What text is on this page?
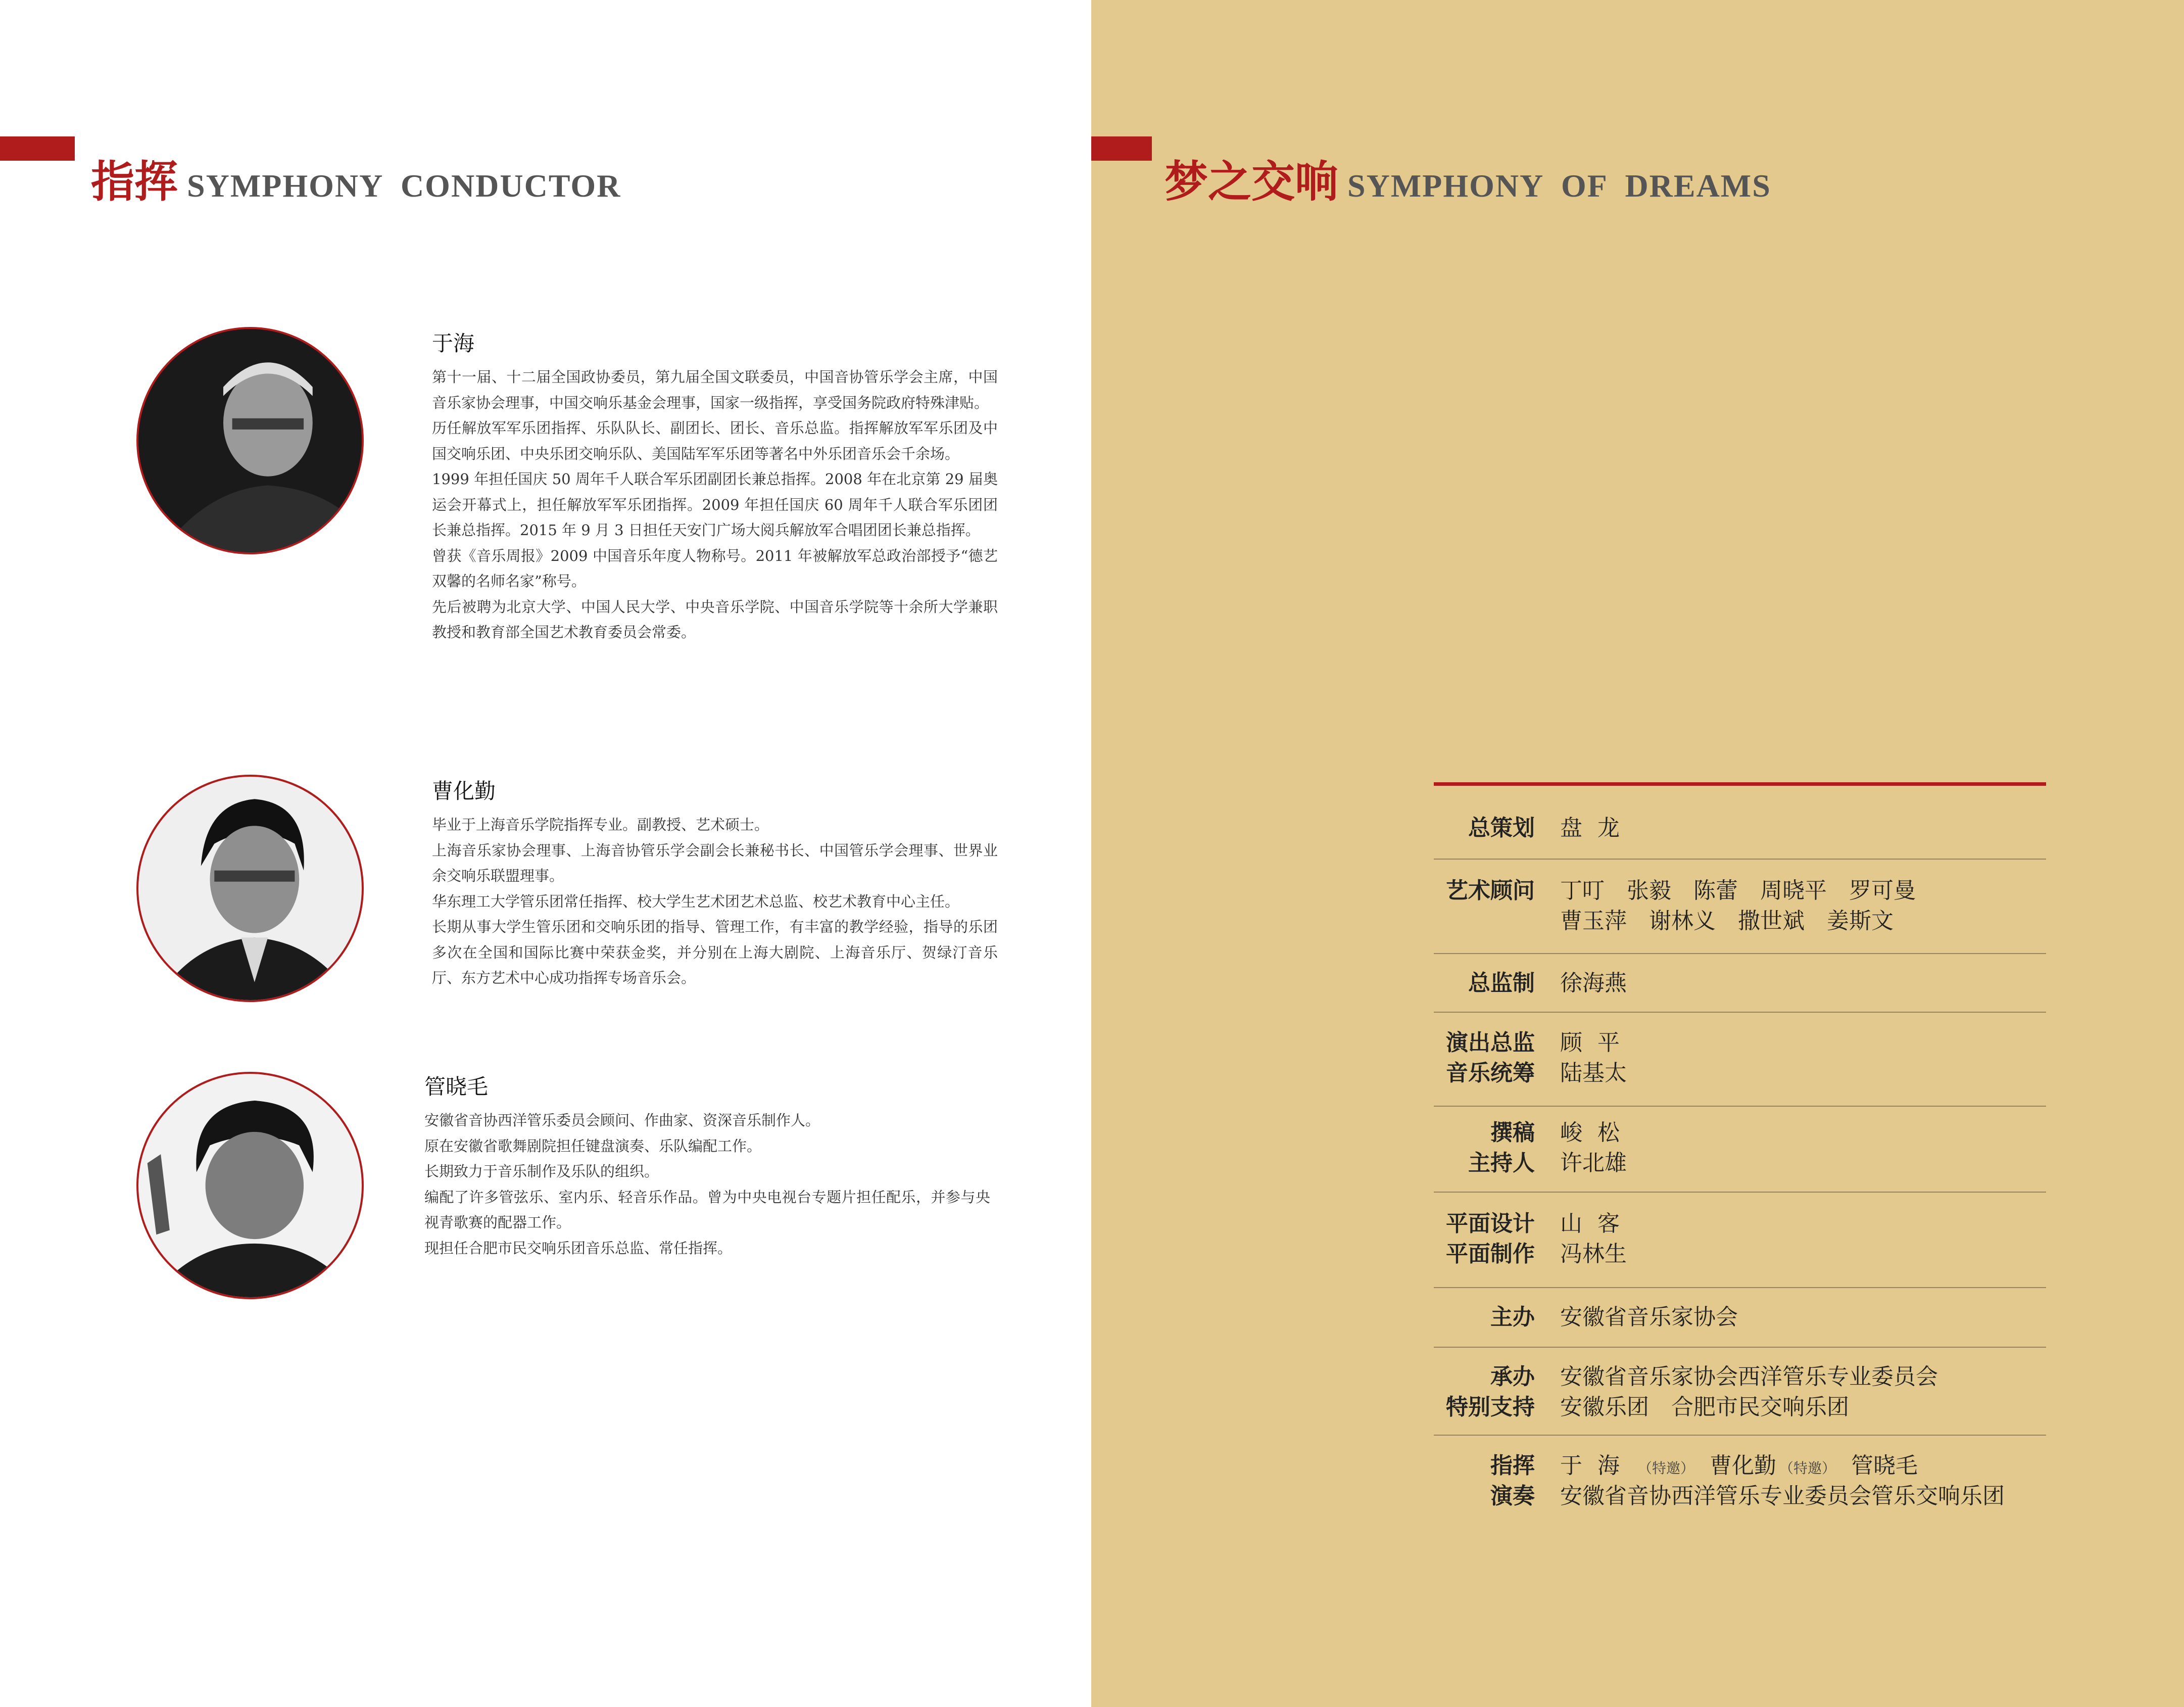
指挥 SYMPHONY CONDUCTOR
于海

第十一届、十二届全国政协委员，第九届全国文联委员，中国音协管乐学会主席，中国音乐家协会理事，中国交响乐基金会理事，国家一级指挥，享受国务院政府特殊津贴。

历任解放军军乐团指挥、乐队队长、副团长、团长、音乐总监。指挥解放军军乐团及中国交响乐团、中央乐团交响乐队、美国陆军军乐团等著名中外乐团音乐会千余场。

1999 年担任国庆 50 周年千人联合军乐团副团长兼总指挥。2008 年在北京第 29 届奥运会开幕式上，担任解放军军乐团指挥。2009 年担任国庆 60 周年千人联合军乐团团长兼总指挥。2015 年 9 月 3 日担任天安门广场大阅兵解放军合唱团团长兼总指挥。

曾获《音乐周报》2009 中国音乐年度人物称号。2011 年被解放军总政治部授予“德艺双馨的名师名家”称号。

先后被聘为北京大学、中国人民大学、中央音乐学院、中国音乐学院等十余所大学兼职教授和教育部全国艺术教育委员会常委。

曹化勤

毕业于上海音乐学院指挥专业。副教授、艺术硕士。

上海音乐家协会理事、上海音协管乐学会副会长兼秘书长、中国管乐学会理事、世界业余交响乐联盟理事。

华东理工大学管乐团常任指挥、校大学生艺术团艺术总监、校艺术教育中心主任。

长期从事大学生管乐团和交响乐团的指导、管理工作，有丰富的教学经验，指导的乐团多次在全国和国际比赛中荣获金奖，并分别在上海大剧院、上海音乐厅、贺绿汀音乐厅、东方艺术中心成功指挥专场音乐会。

管晓毛

安徽省音协西洋管乐委员会顾问、作曲家、资深音乐制作人。

原在安徽省歌舞剧院担任键盘演奏、乐队编配工作。

长期致力于音乐制作及乐队的组织。

编配了许多管弦乐、室内乐、轻音乐作品。曾为中央电视台专题片担任配乐，并参与央视青歌赛的配器工作。

现担任合肥市民交响乐团音乐总监、常任指挥。

梦之交响 SYMPHONY OF DREAMS
总策划 盘龙
艺术顾问 丁叮　张毅　陈蕾　周晓平　罗可曼
曹玉萍　谢林义　撒世斌　姜斯文
总监制 徐海燕
演出总监
音乐统筹
顾平
陆基太
撰稿
主持人
峻松
许北雄
平面设计
平面制作
山客
冯林生
主办 安徽省音乐家协会
承办
特别支持
安徽省音乐家协会西洋管乐专业委员会
安徽乐团　合肥市民交响乐团
指挥
演奏
于海 （特邀） 曹化勤 （特邀） 管晓毛
安徽省音协西洋管乐专业委员会管乐交响乐团
